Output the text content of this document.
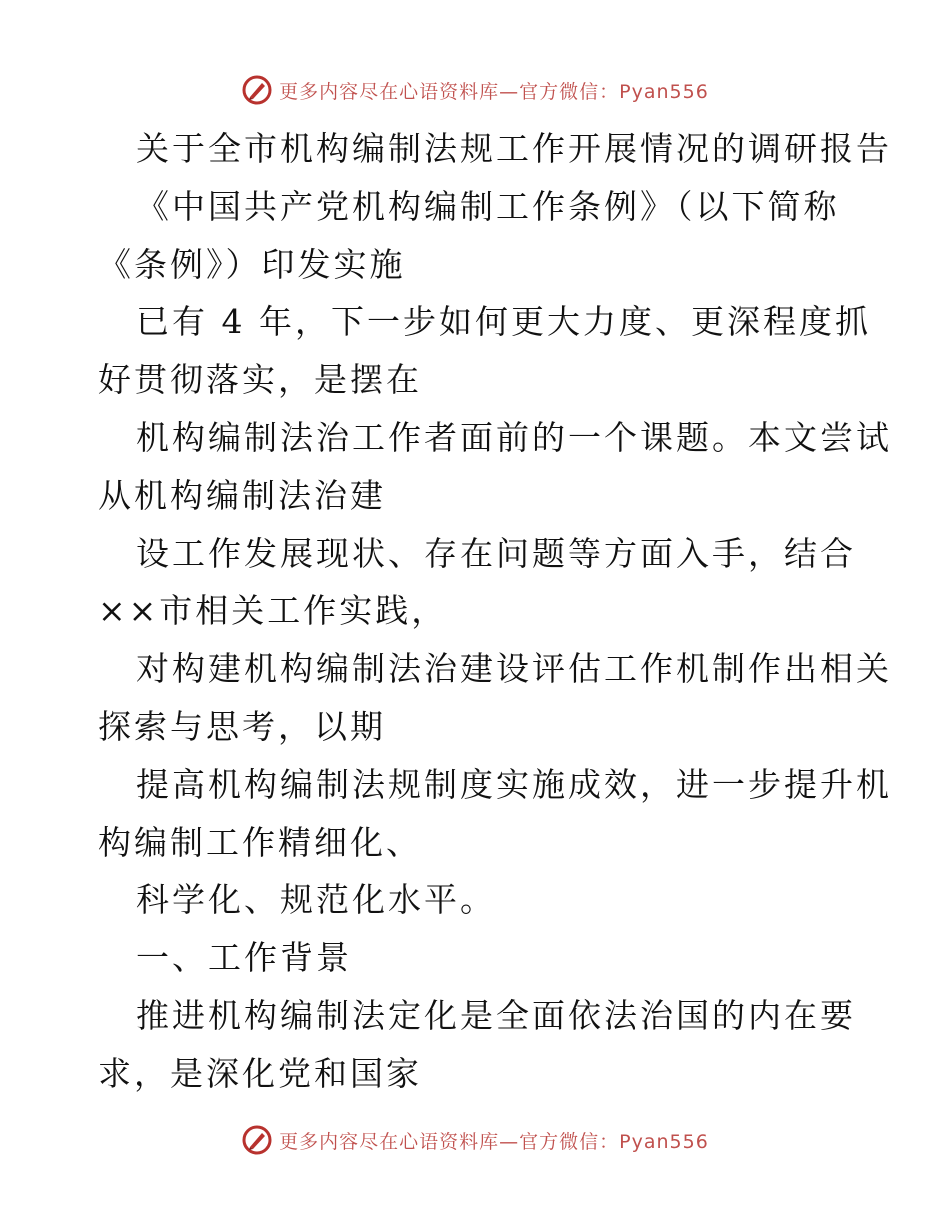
更多内容尽在心语资料库—官方微信：Pyan556
关于全市机构编制法规工作开展情况的调研报告
《中国共产党机构编制工作条例》（以下简称
《条例》）印发实施
已有 4 年，下一步如何更大力度、更深程度抓
好贯彻落实，是摆在
机构编制法治工作者面前的一个课题。本文尝试
从机构编制法治建
设工作发展现状、存在问题等方面入手，结合
××市相关工作实践，
对构建机构编制法治建设评估工作机制作出相关
探索与思考，以期
提高机构编制法规制度实施成效，进一步提升机
构编制工作精细化、
科学化、规范化水平。
一、工作背景
推进机构编制法定化是全面依法治国的内在要
求，是深化党和国家
更多内容尽在心语资料库—官方微信：Pyan556
